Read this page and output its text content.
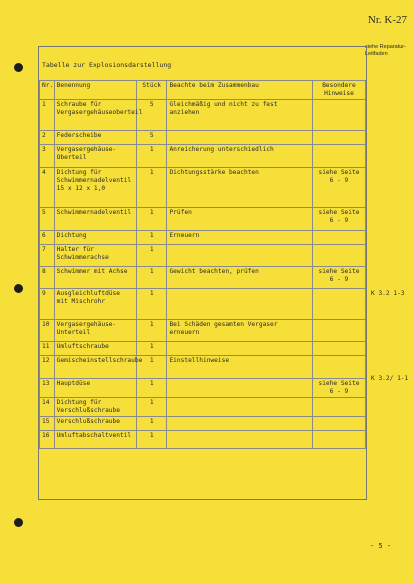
Nr. K-27
siehe Reparatur-Leitfaden
Tabelle zur Explosionsdarstellung
Nr.	Benennung	Stück	Beachte beim Zusammenbau	Besondere Hinweise
1	Schraube für Vergasergehäuseoberteil	5	Gleichmäßig und nicht zu fest anziehen	
2	Federscheibe	5		
3	Vergasergehäuse-Oberteil	1	Anreicherung unterschiedlich	
4	Dichtung für Schwimmernadelventil 15 x 12 x 1,0	1	Dichtungsstärke beachten	siehe Seite 6 - 9
5	Schwimmernadelventil	1	Prüfen	siehe Seite 6 - 9
6	Dichtung	1	Erneuern	
7	Halter für Schwimmerachse	1		
8	Schwimmer mit Achse	1	Gewicht beachten, prüfen	siehe Seite 6 - 9
9	Ausgleichluftdüse mit Mischrohr	1		
10	Vergasergehäuse-Unterteil	1	Bei Schäden gesamten Vergaser erneuern	
11	Umluftschraube	1		
12	Gemischeinstellschraube	1	Einstellhinweise	
13	Hauptdüse	1		siehe Seite 6 - 9
14	Dichtung für Verschlußschraube	1		
15	Verschlußschraube	1		
16	Umluftabschaltventil	1		
K 3.2 1-3
K 3.2/ 1-1
- 5 -
